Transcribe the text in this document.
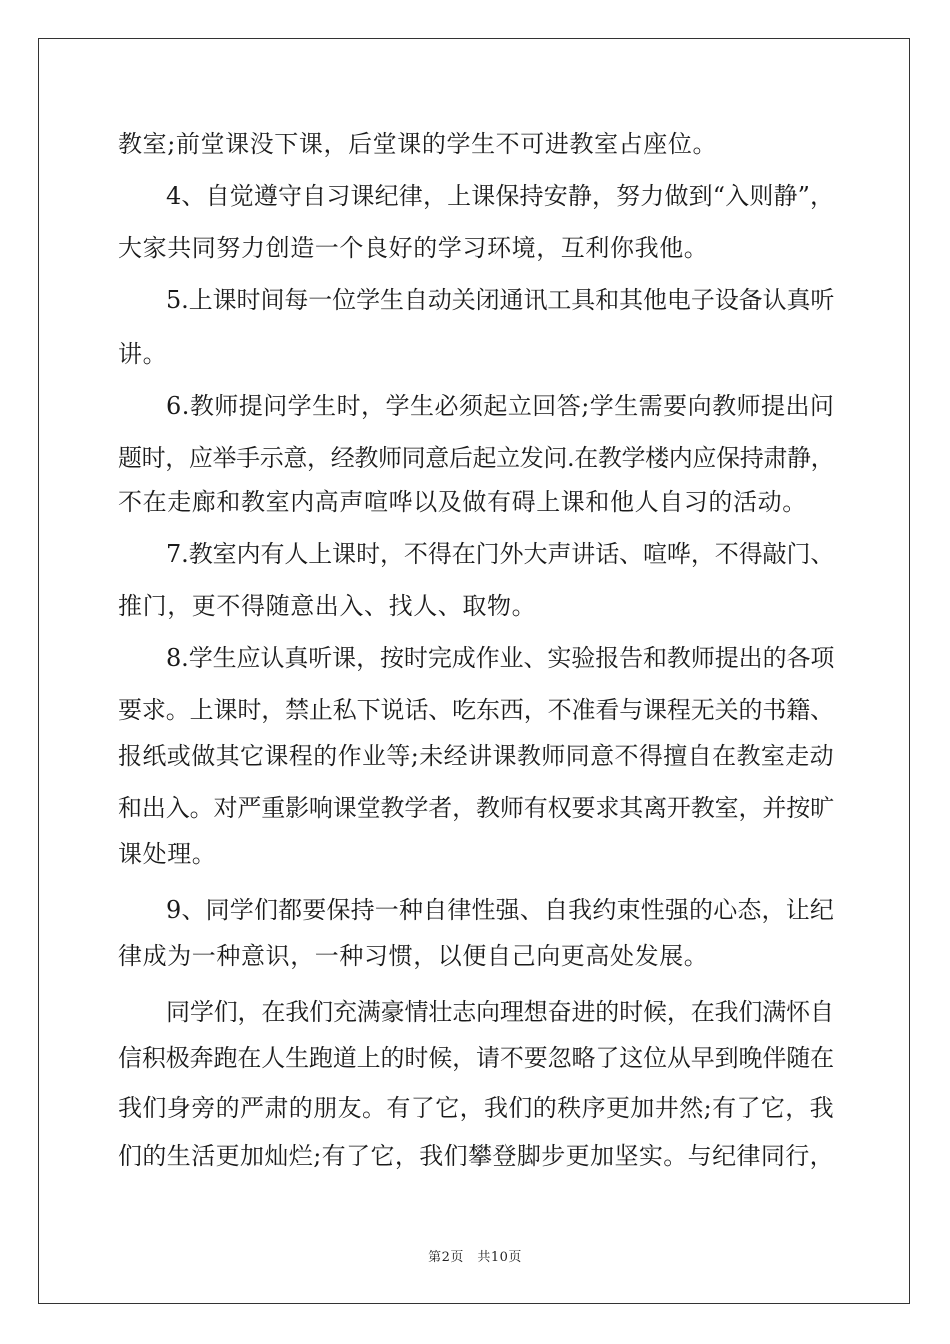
教室;前堂课没下课，后堂课的学生不可进教室占座位。
4、自觉遵守自习课纪律，上课保持安静，努力做到“入则静”，
大家共同努力创造一个良好的学习环境，互利你我他。
5.上课时间每一位学生自动关闭通讯工具和其他电子设备认真听
讲。
6.教师提问学生时，学生必须起立回答;学生需要向教师提出问
题时，应举手示意，经教师同意后起立发问.在教学楼内应保持肃静，
不在走廊和教室内高声喧哗以及做有碍上课和他人自习的活动。
7.教室内有人上课时，不得在门外大声讲话、喧哗，不得敲门、
推门，更不得随意出入、找人、取物。
8.学生应认真听课，按时完成作业、实验报告和教师提出的各项
要求。上课时，禁止私下说话、吃东西，不准看与课程无关的书籍、
报纸或做其它课程的作业等;未经讲课教师同意不得擅自在教室走动
和出入。对严重影响课堂教学者，教师有权要求其离开教室，并按旷
课处理。
9、同学们都要保持一种自律性强、自我约束性强的心态，让纪
律成为一种意识，一种习惯，以便自己向更高处发展。
同学们，在我们充满豪情壮志向理想奋进的时候，在我们满怀自
信积极奔跑在人生跑道上的时候，请不要忽略了这位从早到晚伴随在
我们身旁的严肃的朋友。有了它，我们的秩序更加井然;有了它，我
们的生活更加灿烂;有了它，我们攀登脚步更加坚实。与纪律同行，
第2页　共10页
